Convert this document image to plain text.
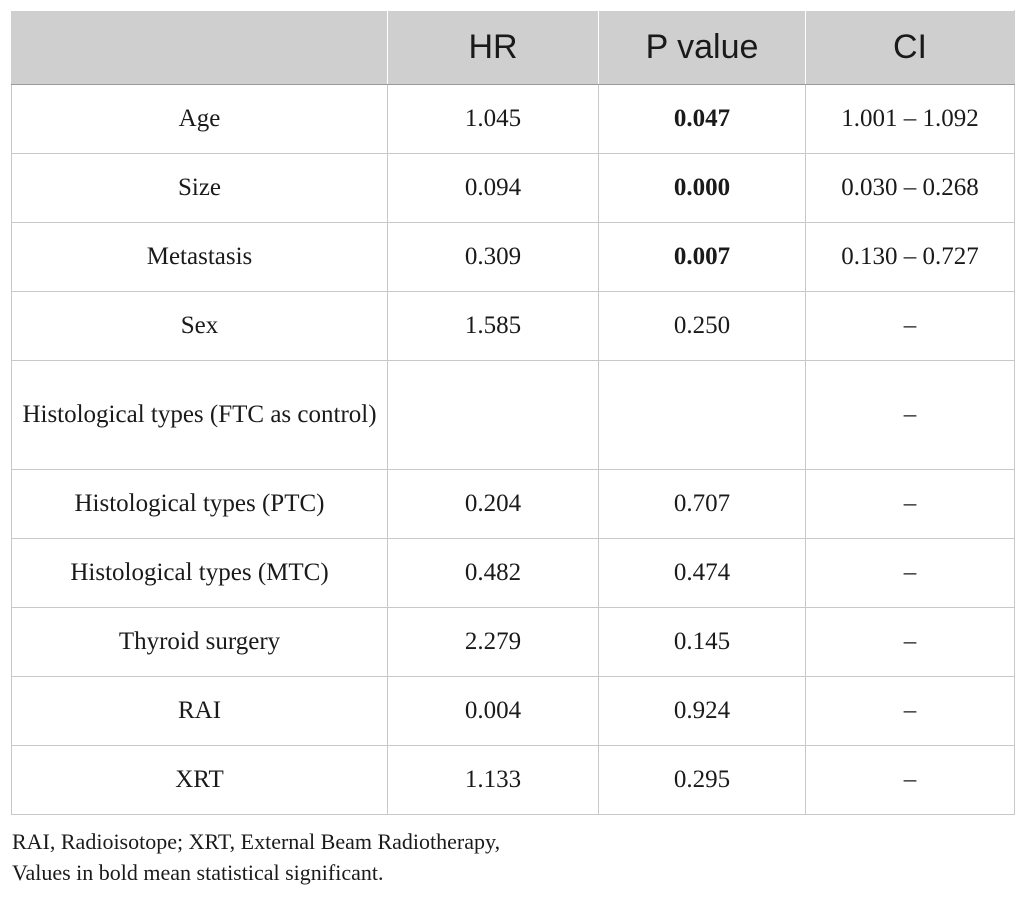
	HR	P value	CI
Age	1.045	0.047	1.001 – 1.092
Size	0.094	0.000	0.030 – 0.268
Metastasis	0.309	0.007	0.130 – 0.727
Sex	1.585	0.250	–
Histological types (FTC as control)			–
Histological types (PTC)	0.204	0.707	–
Histological types (MTC)	0.482	0.474	–
Thyroid surgery	2.279	0.145	–
RAI	0.004	0.924	–
XRT	1.133	0.295	–

RAI, Radioisotope; XRT, External Beam Radiotherapy,

Values in bold mean statistical significant.
